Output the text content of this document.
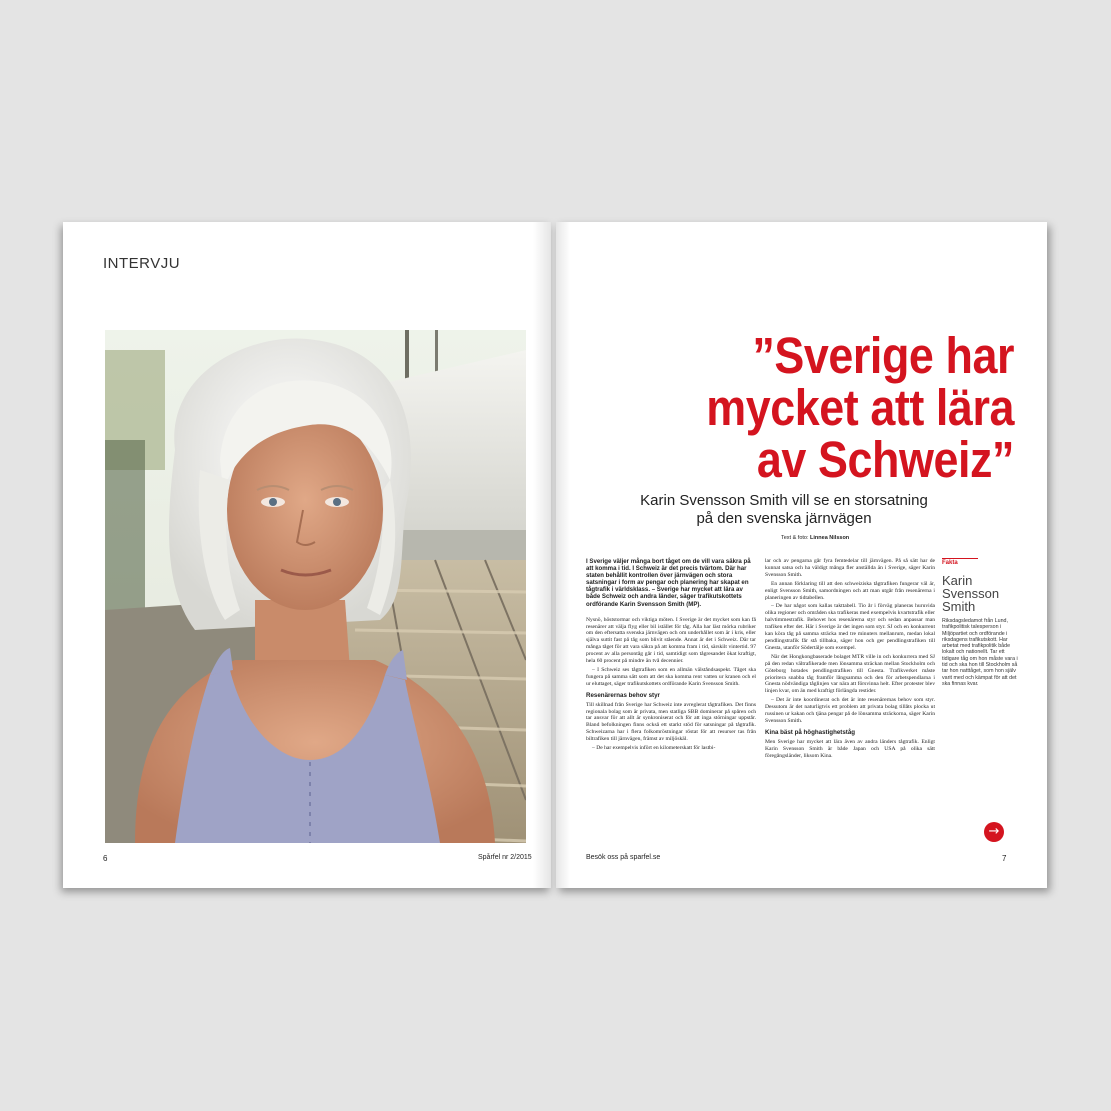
INTERVJU
6	Spårfel nr 2/2015
”Sverige har
mycket att lära
av Schweiz”
Karin Svensson Smith vill se en storsatning
på den svenska järnvägen
Text & foto: Linnea Nilsson
I Sverige väljer många bort tåget om de vill vara säkra på att komma i tid. I Schweiz är det precis tvärtom. Där har staten behållit kontrollen över järnvägen och stora satsningar i form av pengar och planering har skapat en tågtrafik i världsklass. – Sverige har mycket att lära av både Schweiz och andra länder, säger trafikutskottets ordförande Karin Svensson Smith (MP).

Nysnö, höststormar och viktiga möten. I Sverige är det mycket som kan få resenärer att välja flyg eller bil istället för tåg. Alla har läst mörka rubriker om den eftersatta svenska järnvägen och om underhållet som är i kris, eller själva suttit fast på tåg som blivit stående. Annat är det i Schweiz. Där tar många tåget för att vara säkra på att komma fram i tid, särskilt vintertid. 97 procent av alla persontåg går i tid, samtidigt som tågresandet ökat kraftigt, hela 60 procent på mindre än två decennier.

– I Schweiz ses tågtrafiken som en allmän välståndsaspekt. Tåget ska fungera på samma sätt som att det ska komma rent vatten ur kranen och el ur eluttaget, säger trafikutskottets ordförande Karin Svensson Smith.

Resenärernas behov styr

Till skillnad från Sverige har Schweiz inte avreglerat tågtrafiken. Det finns regionala bolag som är privata, men statliga SBB dominerar på spåren och tar ansvar för att allt är synkroniserat och för att inga störningar uppstår. Bland befolkningen finns också ett starkt stöd för satsningar på tågtrafik. Schweizarna har i flera folkomröstningar röstat för att resurser tas från biltrafiken till järnvägen, främst av miljöskäl.

– De har exempelvis infört en kilometerskatt för lastbi-

lar och av pengarna går fyra femtedelar till järnvägen. På så sätt har de kunnat satsa och ha väldigt många fler anställda än i Sverige, säger Karin Svensson Smith.

En annan förklaring till att den schweiziska tågtrafiken fungerar väl är, enligt Svensson Smith, samordningen och att man utgår från resenärerna i planeringen av tidtabellen.

– De har något som kallas takttabell. Tio år i förväg planeras huruvida olika regioner och områden ska trafikeras med exempelvis kvartstrafik eller halvtimmestrafik. Behovet hos resenärerna styr och sedan anpassar man trafiken efter det. Här i Sverige är det ingen som styr. SJ och en konkurrent kan köra tåg på samma sträcka med tre minuters mellanrum, medan lokal pendlingstrafik får stå tillbaka, säger hon och ger pendlingstrafiken till Gnesta, utanför Södertälje som exempel.

När det Hongkongbaserade bolaget MTR ville in och konkurrera med SJ på den redan vältrafikerade men lönsamma sträckan mellan Stockholm och Göteborg hotades pendlingstrafiken till Gnesta. Trafikverket måste prioritera snabba tåg framför långsamma och den för arbetspendlarna i Gnesta nödvändiga tåglinjen var nära att försvinna helt. Efter protester blev linjen kvar, om än med kraftigt förlängda restider.

– Det är inte koordinerat och det är inte resenärernas behov som styr. Dessutom är det naturligtvis ett problem att privata bolag tillåts plocka ut russinen ur kakan och tjäna pengar på de lönsamma sträckorna, säger Karin Svensson Smith.

Kina bäst på höghastighetståg

Men Sverige har mycket att lära även av andra länders tågtrafik. Enligt Karin Svensson Smith är både Japan och USA på olika sätt föregångsländer, liksom Kina.

Fakta
Karin
Svensson
Smith
Riksdagsledamot från Lund, trafikpolitisk talesperson i Miljöpartiet och ordförande i riksdagens trafikutskott. Har arbetat med trafikpolitik både lokalt och nationellt. Tar ett tidigare tåg om hon måste vara i tid och ska hon till Stockholm så tar hon natttåget, som hon själv varit med och kämpat för att det ska finnas kvar.
→
Besök oss på sparfel.se	7
